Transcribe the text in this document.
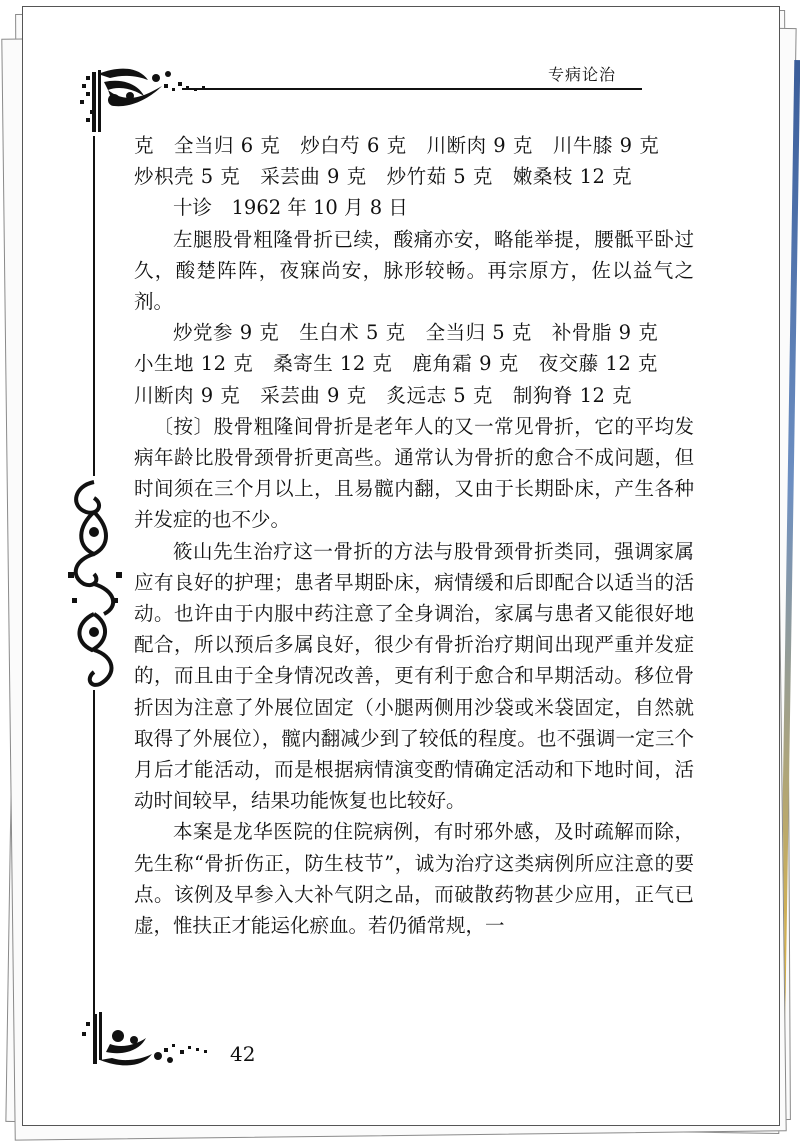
专病论治

克　全当归 6 克　炒白芍 6 克　川断肉 9 克　川牛膝 9 克

炒枳壳 5 克　采芸曲 9 克　炒竹茹 5 克　嫩桑枝 12 克

十诊　1962 年 10 月 8 日

左腿股骨粗隆骨折已续，酸痛亦安，略能举提，腰骶平卧过久，酸楚阵阵，夜寐尚安，脉形较畅。再宗原方，佐以益气之剂。

炒党参 9 克　生白术 5 克　全当归 5 克　补骨脂 9 克

小生地 12 克　桑寄生 12 克　鹿角霜 9 克　夜交藤 12 克

川断肉 9 克　采芸曲 9 克　炙远志 5 克　制狗脊 12 克

〔按〕股骨粗隆间骨折是老年人的又一常见骨折，它的平均发病年龄比股骨颈骨折更高些。通常认为骨折的愈合不成问题，但时间须在三个月以上，且易髋内翻，又由于长期卧床，产生各种并发症的也不少。

筱山先生治疗这一骨折的方法与股骨颈骨折类同，强调家属应有良好的护理；患者早期卧床，病情缓和后即配合以适当的活动。也许由于内服中药注意了全身调治，家属与患者又能很好地配合，所以预后多属良好，很少有骨折治疗期间出现严重并发症的，而且由于全身情况改善，更有利于愈合和早期活动。移位骨折因为注意了外展位固定（小腿两侧用沙袋或米袋固定，自然就取得了外展位），髋内翻减少到了较低的程度。也不强调一定三个月后才能活动，而是根据病情演变酌情确定活动和下地时间，活动时间较早，结果功能恢复也比较好。

本案是龙华医院的住院病例，有时邪外感，及时疏解而除，先生称“骨折伤正，防生枝节”，诚为治疗这类病例所应注意的要点。该例及早参入大补气阴之品，而破散药物甚少应用，正气已虚，惟扶正才能运化瘀血。若仍循常规，一

42
